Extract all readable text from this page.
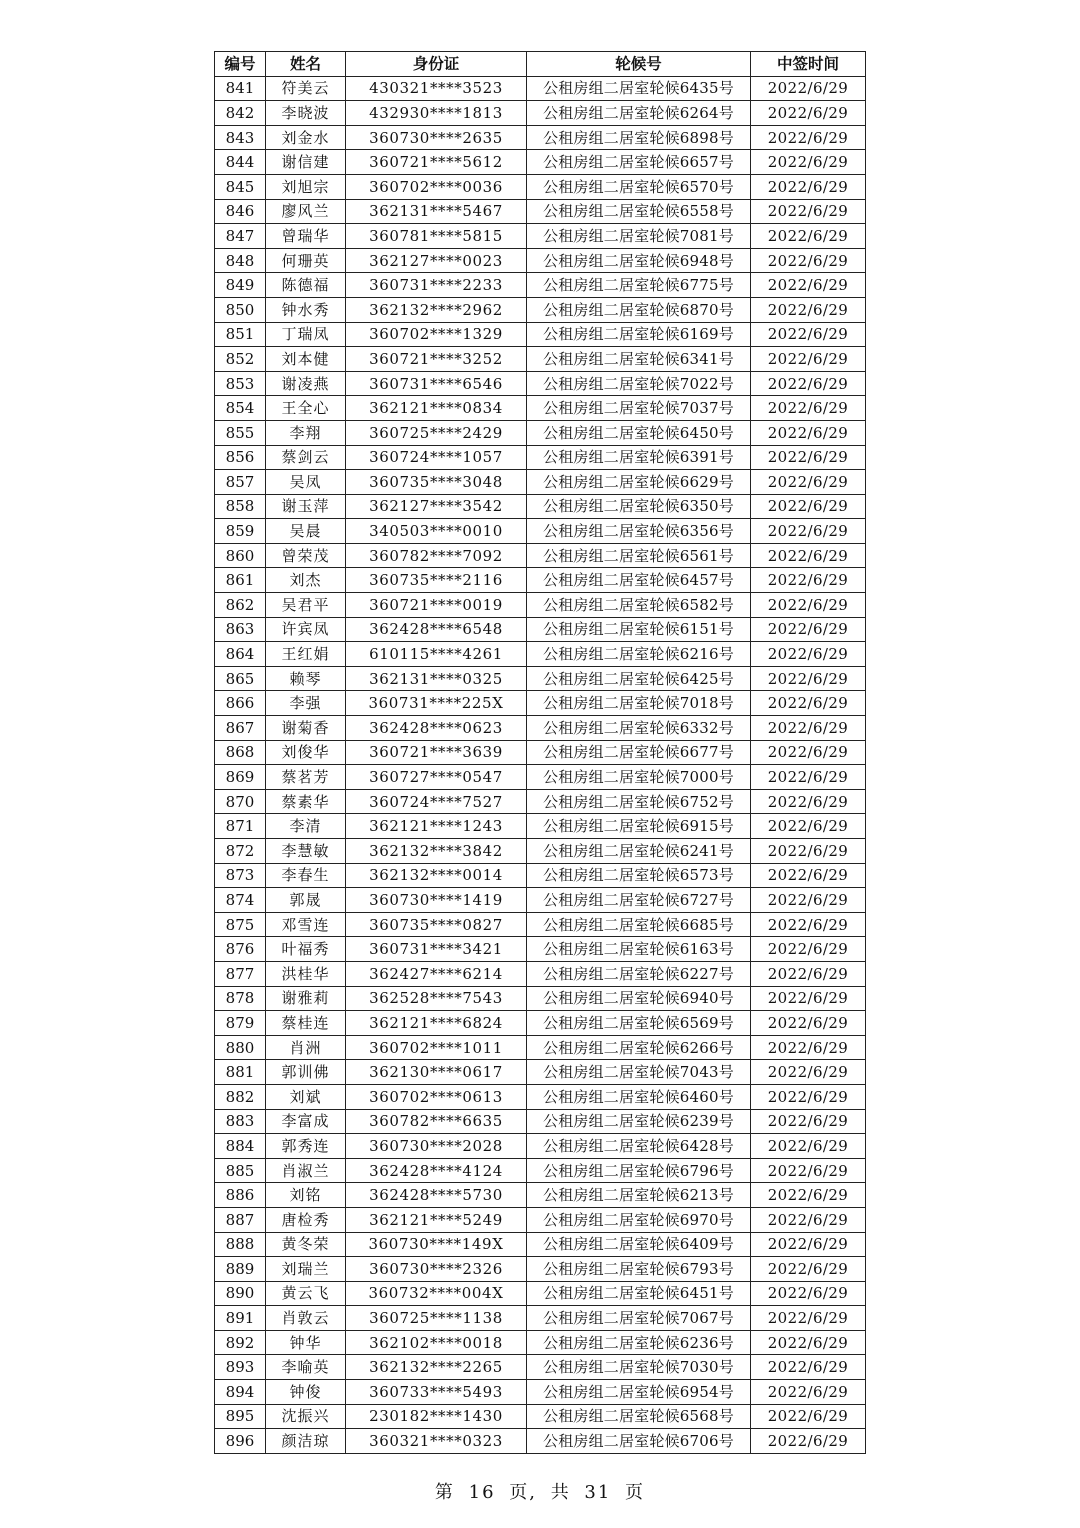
编号	姓名	身份证	轮候号	中签时间
841	符美云	430321****3523	公租房组二居室轮候6435号	2022/6/29
842	李晓波	432930****1813	公租房组二居室轮候6264号	2022/6/29
843	刘金水	360730****2635	公租房组二居室轮候6898号	2022/6/29
844	谢信建	360721****5612	公租房组二居室轮候6657号	2022/6/29
845	刘旭宗	360702****0036	公租房组二居室轮候6570号	2022/6/29
846	廖风兰	362131****5467	公租房组二居室轮候6558号	2022/6/29
847	曾瑞华	360781****5815	公租房组二居室轮候7081号	2022/6/29
848	何珊英	362127****0023	公租房组二居室轮候6948号	2022/6/29
849	陈德福	360731****2233	公租房组二居室轮候6775号	2022/6/29
850	钟水秀	362132****2962	公租房组二居室轮候6870号	2022/6/29
851	丁瑞凤	360702****1329	公租房组二居室轮候6169号	2022/6/29
852	刘本健	360721****3252	公租房组二居室轮候6341号	2022/6/29
853	谢凌燕	360731****6546	公租房组二居室轮候7022号	2022/6/29
854	王全心	362121****0834	公租房组二居室轮候7037号	2022/6/29
855	李翔	360725****2429	公租房组二居室轮候6450号	2022/6/29
856	蔡剑云	360724****1057	公租房组二居室轮候6391号	2022/6/29
857	吴凤	360735****3048	公租房组二居室轮候6629号	2022/6/29
858	谢玉萍	362127****3542	公租房组二居室轮候6350号	2022/6/29
859	吴晨	340503****0010	公租房组二居室轮候6356号	2022/6/29
860	曾荣茂	360782****7092	公租房组二居室轮候6561号	2022/6/29
861	刘杰	360735****2116	公租房组二居室轮候6457号	2022/6/29
862	吴君平	360721****0019	公租房组二居室轮候6582号	2022/6/29
863	许宾凤	362428****6548	公租房组二居室轮候6151号	2022/6/29
864	王红娟	610115****4261	公租房组二居室轮候6216号	2022/6/29
865	赖琴	362131****0325	公租房组二居室轮候6425号	2022/6/29
866	李强	360731****225X	公租房组二居室轮候7018号	2022/6/29
867	谢菊香	362428****0623	公租房组二居室轮候6332号	2022/6/29
868	刘俊华	360721****3639	公租房组二居室轮候6677号	2022/6/29
869	蔡茗芳	360727****0547	公租房组二居室轮候7000号	2022/6/29
870	蔡素华	360724****7527	公租房组二居室轮候6752号	2022/6/29
871	李清	362121****1243	公租房组二居室轮候6915号	2022/6/29
872	李慧敏	362132****3842	公租房组二居室轮候6241号	2022/6/29
873	李春生	362132****0014	公租房组二居室轮候6573号	2022/6/29
874	郭晟	360730****1419	公租房组二居室轮候6727号	2022/6/29
875	邓雪连	360735****0827	公租房组二居室轮候6685号	2022/6/29
876	叶福秀	360731****3421	公租房组二居室轮候6163号	2022/6/29
877	洪桂华	362427****6214	公租房组二居室轮候6227号	2022/6/29
878	谢雅莉	362528****7543	公租房组二居室轮候6940号	2022/6/29
879	蔡桂连	362121****6824	公租房组二居室轮候6569号	2022/6/29
880	肖洲	360702****1011	公租房组二居室轮候6266号	2022/6/29
881	郭训佛	362130****0617	公租房组二居室轮候7043号	2022/6/29
882	刘斌	360702****0613	公租房组二居室轮候6460号	2022/6/29
883	李富成	360782****6635	公租房组二居室轮候6239号	2022/6/29
884	郭秀连	360730****2028	公租房组二居室轮候6428号	2022/6/29
885	肖淑兰	362428****4124	公租房组二居室轮候6796号	2022/6/29
886	刘铭	362428****5730	公租房组二居室轮候6213号	2022/6/29
887	唐检秀	362121****5249	公租房组二居室轮候6970号	2022/6/29
888	黄冬荣	360730****149X	公租房组二居室轮候6409号	2022/6/29
889	刘瑞兰	360730****2326	公租房组二居室轮候6793号	2022/6/29
890	黄云飞	360732****004X	公租房组二居室轮候6451号	2022/6/29
891	肖敦云	360725****1138	公租房组二居室轮候7067号	2022/6/29
892	钟华	362102****0018	公租房组二居室轮候6236号	2022/6/29
893	李喻英	362132****2265	公租房组二居室轮候7030号	2022/6/29
894	钟俊	360733****5493	公租房组二居室轮候6954号	2022/6/29
895	沈振兴	230182****1430	公租房组二居室轮候6568号	2022/6/29
896	颜洁琼	360321****0323	公租房组二居室轮候6706号	2022/6/29
第 16 页, 共 31 页
